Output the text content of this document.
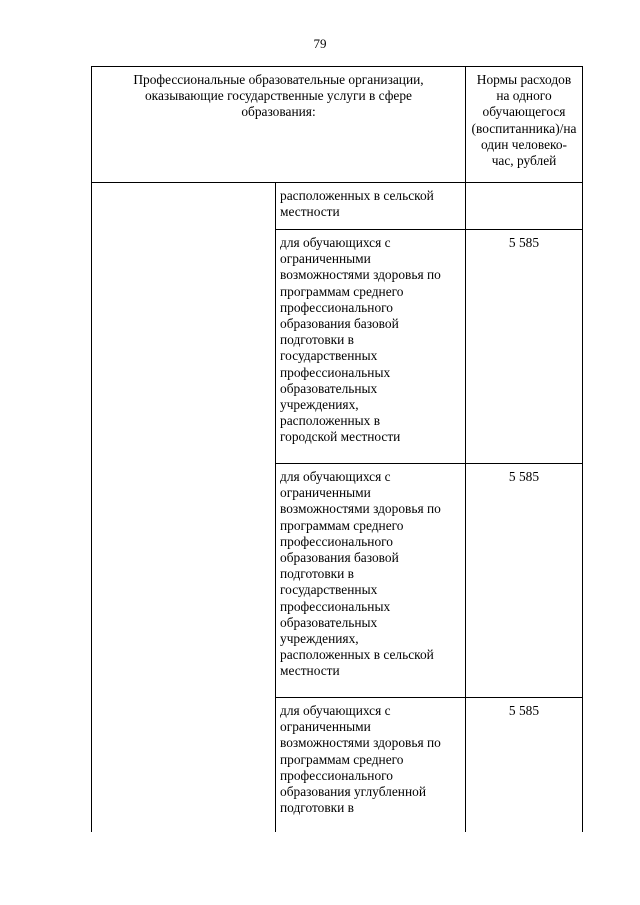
79
Профессиональные образовательные организации,
оказывающие государственные услуги в сфере
образования:
Нормы расходов
на одного
обучающегося
(воспитанника)/на
один человеко-
час, рублей
расположенных в сельской
местности
для обучающихся с
ограниченными
возможностями здоровья по
программам среднего
профессионального
образования базовой
подготовки в
государственных
профессиональных
образовательных
учреждениях,
расположенных в
городской местности
5 585
для обучающихся с
ограниченными
возможностями здоровья по
программам среднего
профессионального
образования базовой
подготовки в
государственных
профессиональных
образовательных
учреждениях,
расположенных в сельской
местности
5 585
для обучающихся с
ограниченными
возможностями здоровья по
программам среднего
профессионального
образования углубленной
подготовки в
5 585
